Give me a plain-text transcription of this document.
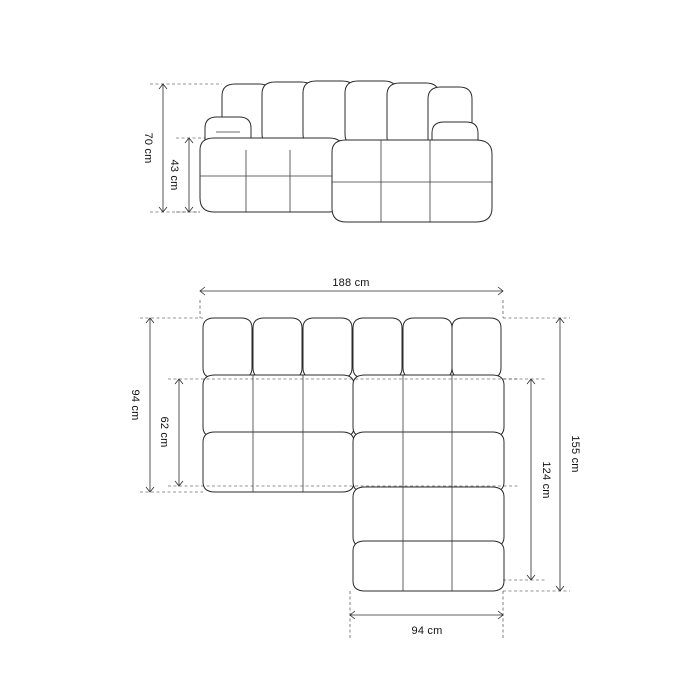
70 cm
43 cm
188 cm
94 cm
62 cm
155 cm
124 cm
94 cm
